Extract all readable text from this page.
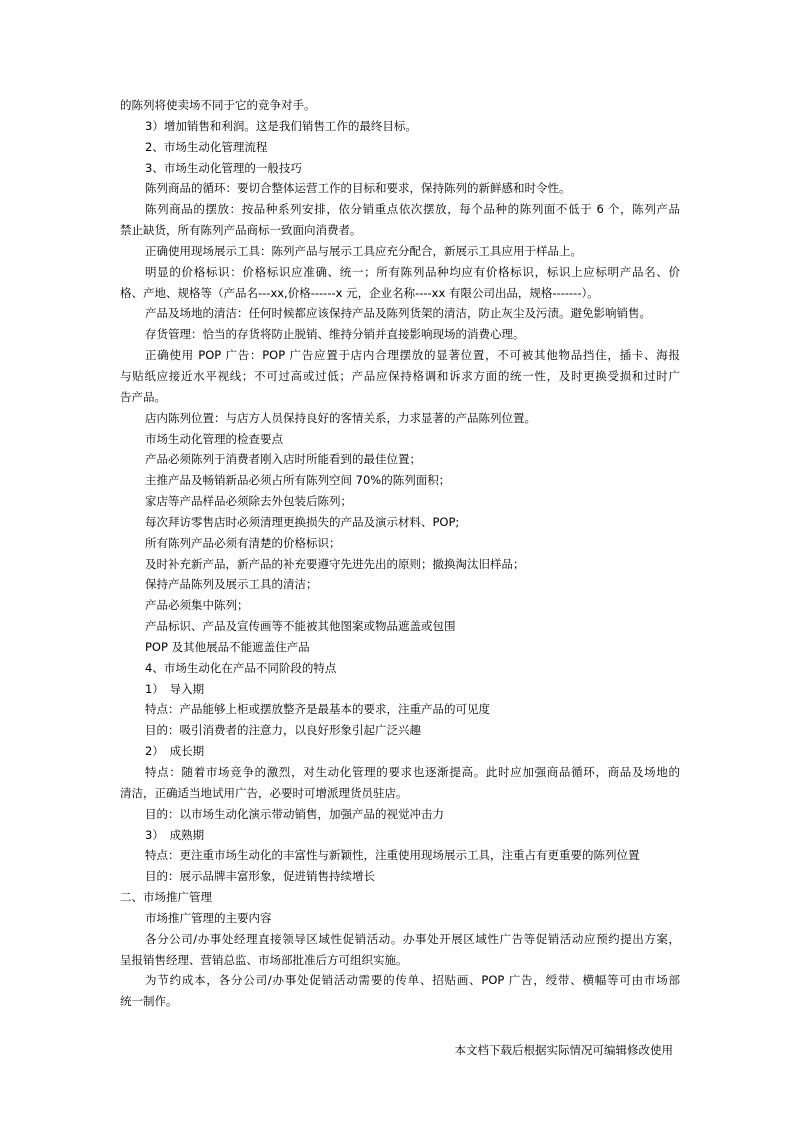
的陈列将使卖场不同于它的竞争对手。
3）增加销售和利润。这是我们销售工作的最终目标。
2、市场生动化管理流程
3、市场生动化管理的一般技巧
陈列商品的循环：要切合整体运营工作的目标和要求，保持陈列的新鲜感和时令性。
陈列商品的摆放：按品种系列安排，依分销重点依次摆放，每个品种的陈列面不低于 6 个，陈列产品
禁止缺货，所有陈列产品商标一致面向消费者。
正确使用现场展示工具：陈列产品与展示工具应充分配合，新展示工具应用于样品上。
明显的价格标识：价格标识应准确、统一；所有陈列品种均应有价格标识，标识上应标明产品名、价
格、产地、规格等（产品名---xx,价格------x 元，企业名称----xx 有限公司出品，规格-------）。
产品及场地的清洁：任何时候都应该保持产品及陈列货架的清洁，防止灰尘及污渍。避免影响销售。
存货管理：恰当的存货将防止脱销、维持分销并直接影响现场的消费心理。
正确使用 POP 广告：POP 广告应置于店内合理摆放的显著位置，不可被其他物品挡住，插卡、海报
与贴纸应接近水平视线；不可过高或过低；产品应保持格调和诉求方面的统一性，及时更换受损和过时广
告产品。
店内陈列位置：与店方人员保持良好的客情关系，力求显著的产品陈列位置。
市场生动化管理的检查要点
产品必须陈列于消费者刚入店时所能看到的最佳位置；
主推产品及畅销新品必须占所有陈列空间 70%的陈列面积；
家店等产品样品必须除去外包装后陈列；
每次拜访零售店时必须清理更换损失的产品及演示材料、POP;
所有陈列产品必须有清楚的价格标识；
及时补充新产品，新产品的补充要遵守先进先出的原则；撤换淘汰旧样品；
保持产品陈列及展示工具的清洁；
产品必须集中陈列；
产品标识、产品及宣传画等不能被其他图案或物品遮盖或包围
POP 及其他展品不能遮盖住产品
4、市场生动化在产品不同阶段的特点
1）　导入期
特点：产品能够上柜或摆放整齐是最基本的要求，注重产品的可见度
目的：吸引消费者的注意力，以良好形象引起广泛兴趣
2）　成长期
特点：随着市场竞争的激烈，对生动化管理的要求也逐渐提高。此时应加强商品循环，商品及场地的
清洁，正确适当地试用广告，必要时可增派理货员驻店。
目的：以市场生动化演示带动销售，加强产品的视觉冲击力
3）　成熟期
特点：更注重市场生动化的丰富性与新颖性，注重使用现场展示工具，注重占有更重要的陈列位置
目的：展示品牌丰富形象，促进销售持续增长
二、市场推广管理
市场推广管理的主要内容
各分公司/办事处经理直接领导区域性促销活动。办事处开展区域性广告等促销活动应预约提出方案，
呈报销售经理、营销总监、市场部批准后方可组织实施。
为节约成本，各分公司/办事处促销活动需要的传单、招贴画、POP 广告，绶带、横幅等可由市场部
统一制作。
本文档下载后根据实际情况可编辑修改使用
